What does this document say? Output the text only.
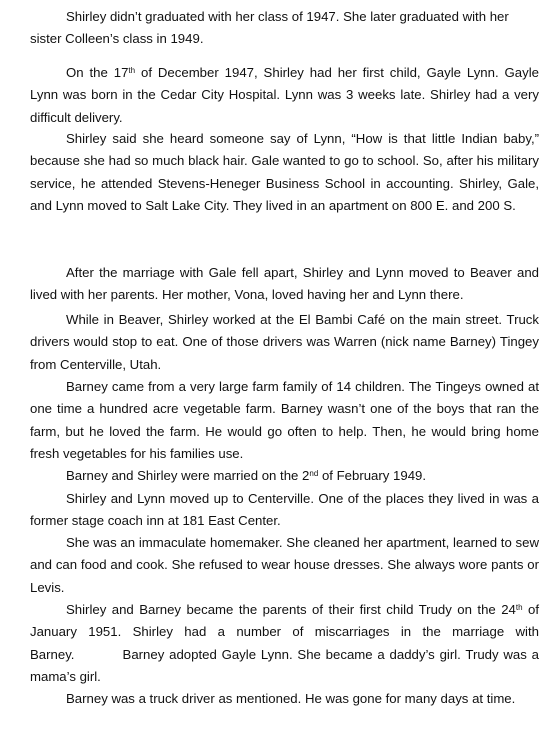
Shirley didn’t graduated with her class of 1947. She later graduated with her sister Colleen’s class in 1949.

On the 17th of December 1947, Shirley had her first child, Gayle Lynn. Gayle Lynn was born in the Cedar City Hospital. Lynn was 3 weeks late. Shirley had a very difficult delivery.

Shirley said she heard someone say of Lynn, “How is that little Indian baby,” because she had so much black hair. Gale wanted to go to school. So, after his military service, he attended Stevens-Heneger Business School in accounting. Shirley, Gale, and Lynn moved to Salt Lake City. They lived in an apartment on 800 E. and 200 S.

After the marriage with Gale fell apart, Shirley and Lynn moved to Beaver and lived with her parents. Her mother, Vona, loved having her and Lynn there.

While in Beaver, Shirley worked at the El Bambi Café on the main street. Truck drivers would stop to eat. One of those drivers was Warren (nick name Barney) Tingey from Centerville, Utah.

Barney came from a very large farm family of 14 children. The Tingeys owned at one time a hundred acre vegetable farm. Barney wasn’t one of the boys that ran the farm, but he loved the farm. He would go often to help. Then, he would bring home fresh vegetables for his families use.

Barney and Shirley were married on the 2nd of February 1949.

Shirley and Lynn moved up to Centerville. One of the places they lived in was a former stage coach inn at 181 East Center.

She was an immaculate homemaker. She cleaned her apartment, learned to sew and can food and cook. She refused to wear house dresses. She always wore pants or Levis.

Shirley and Barney became the parents of their first child Trudy on the 24th of January 1951. Shirley had a number of miscarriages in the marriage with Barney.          Barney adopted Gayle Lynn. She became a daddy’s girl. Trudy was a mama’s girl.

Barney was a truck driver as mentioned. He was gone for many days at time.
